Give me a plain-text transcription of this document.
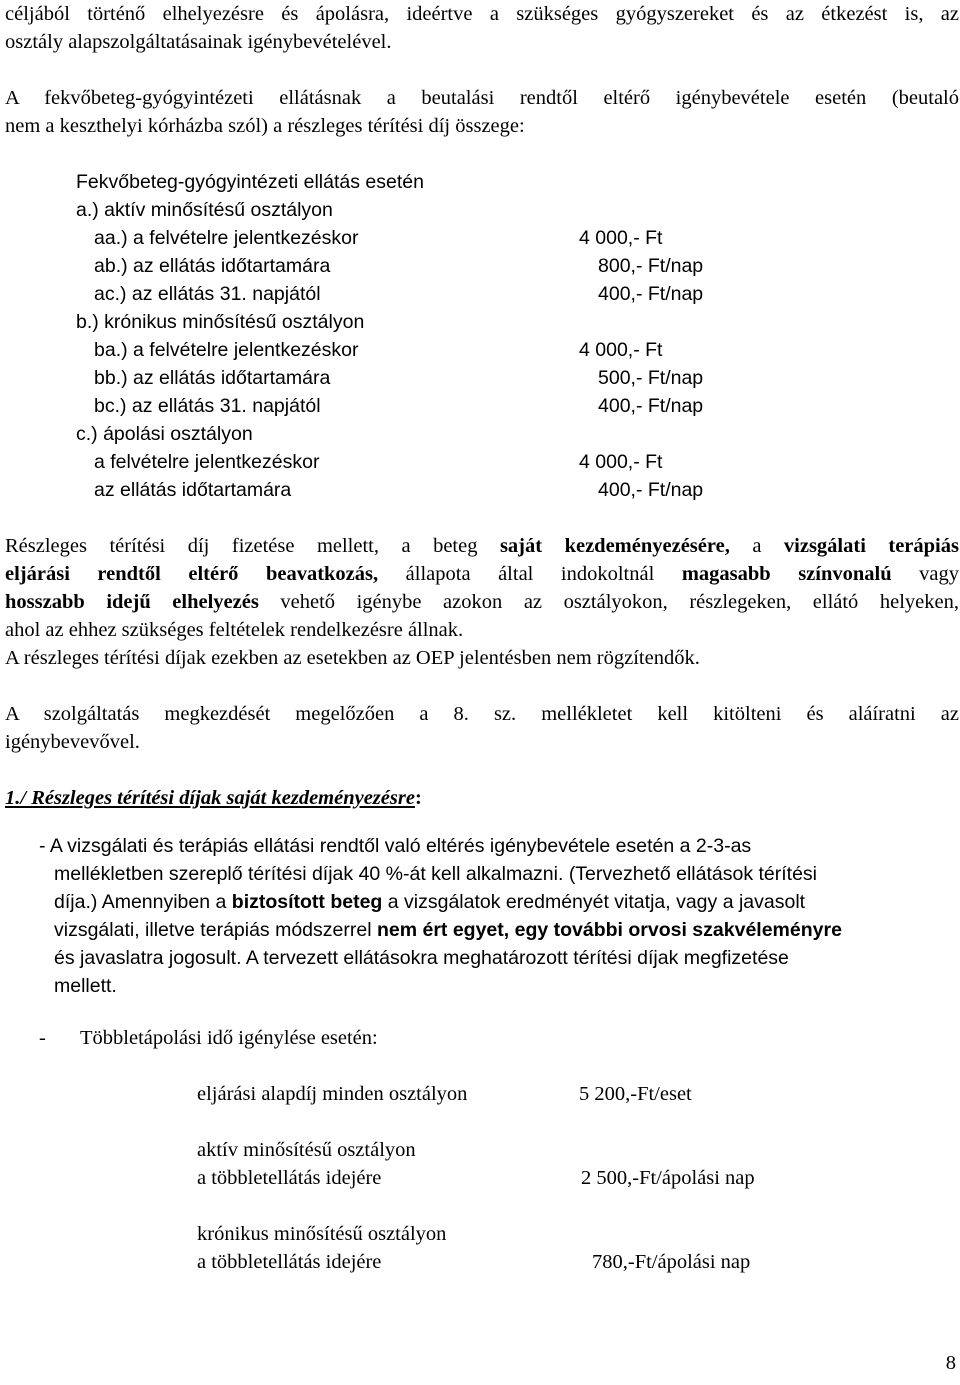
céljából történő elhelyezésre és ápolásra, ideértve a szükséges gyógyszereket és az étkezést is, az
osztály alapszolgáltatásainak igénybevételével.
A fekvőbeteg-gyógyintézeti ellátásnak a beutalási rendtől eltérő igénybevétele esetén (beutaló
nem a keszthelyi kórházba szól) a részleges térítési díj összege:
Fekvőbeteg-gyógyintézeti ellátás esetén
a.) aktív minősítésű osztályon
aa.) a felvételre jelentkezéskor	4 000,- Ft
ab.) az ellátás időtartamára	800,- Ft/nap
ac.) az ellátás 31. napjától	400,- Ft/nap
b.) krónikus minősítésű osztályon
ba.) a felvételre jelentkezéskor	4 000,- Ft
bb.) az ellátás időtartamára	500,- Ft/nap
bc.) az ellátás 31. napjától	400,- Ft/nap
c.) ápolási osztályon
a felvételre jelentkezéskor	4 000,- Ft
az ellátás időtartamára	400,- Ft/nap
Részleges térítési díj fizetése mellett, a beteg saját kezdeményezésére, a vizsgálati terápiás
eljárási rendtől eltérő beavatkozás, állapota által indokoltnál magasabb színvonalú vagy
hosszabb idejű elhelyezés vehető igénybe azokon az osztályokon, részlegeken, ellátó helyeken,
ahol az ehhez szükséges feltételek rendelkezésre állnak.
A részleges térítési díjak ezekben az esetekben az OEP jelentésben nem rögzítendők.
A szolgáltatás megkezdését megelőzően a 8. sz. mellékletet kell kitölteni és aláíratni az
igénybevevővel.
1./ Részleges térítési díjak saját kezdeményezésre:
- A vizsgálati és terápiás ellátási rendtől való eltérés igénybevétele esetén a 2-3-as
mellékletben szereplő térítési díjak 40 %-át kell alkalmazni. (Tervezhető ellátások térítési
díja.) Amennyiben a biztosított beteg a vizsgálatok eredményét vitatja, vagy a javasolt
vizsgálati, illetve terápiás módszerrel nem ért egyet, egy további orvosi szakvéleményre
és javaslatra jogosult. A tervezett ellátásokra meghatározott térítési díjak megfizetése
mellett.
- Többletápolási idő igénylése esetén:
eljárási alapdíj minden osztályon	5 200,-Ft/eset
aktív minősítésű osztályon
a többletellátás idejére	2 500,-Ft/ápolási nap
krónikus minősítésű osztályon
a többletellátás idejére	780,-Ft/ápolási nap
8
